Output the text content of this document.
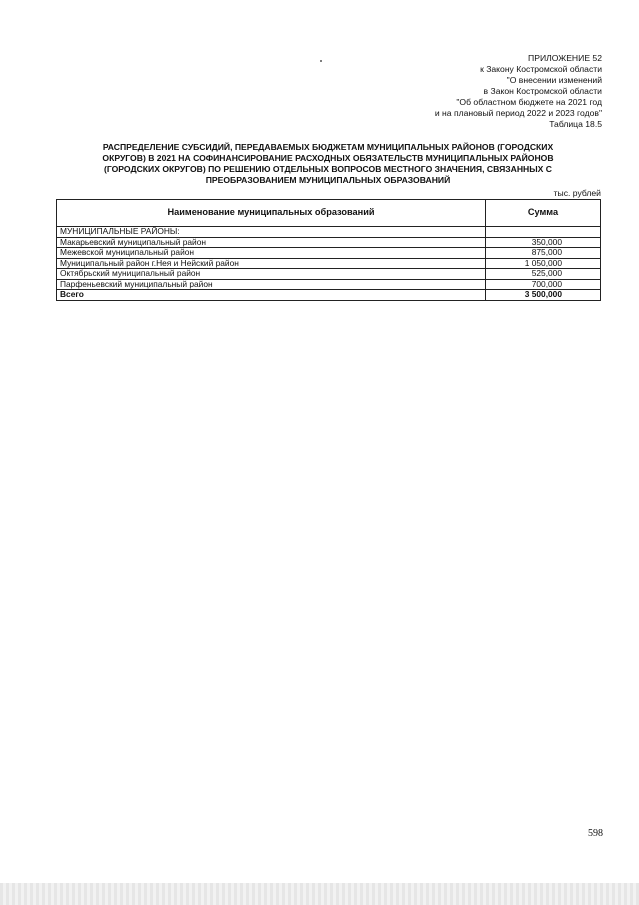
ПРИЛОЖЕНИЕ 52
к Закону Костромской области
"О внесении изменений
в Закон Костромской области
"Об областном бюджете на 2021 год
и на плановый период 2022 и 2023 годов"
Таблица 18.5
РАСПРЕДЕЛЕНИЕ СУБСИДИЙ, ПЕРЕДАВАЕМЫХ БЮДЖЕТАМ МУНИЦИПАЛЬНЫХ РАЙОНОВ (ГОРОДСКИХ
ОКРУГОВ) В 2021 НА СОФИНАНСИРОВАНИЕ РАСХОДНЫХ ОБЯЗАТЕЛЬСТВ МУНИЦИПАЛЬНЫХ РАЙОНОВ
(ГОРОДСКИХ ОКРУГОВ) ПО РЕШЕНИЮ ОТДЕЛЬНЫХ ВОПРОСОВ МЕСТНОГО ЗНАЧЕНИЯ, СВЯЗАННЫХ С
ПРЕОБРАЗОВАНИЕМ МУНИЦИПАЛЬНЫХ ОБРАЗОВАНИЙ
тыс. рублей
Наименование муниципальных образований	Сумма
МУНИЦИПАЛЬНЫЕ РАЙОНЫ:	
Макарьевский муниципальный район	350,000
Межевской муниципальный район	875,000
Муниципальный район г.Нея и Нейский район	1 050,000
Октябрьский муниципальный район	525,000
Парфеньевский муниципальный район	700,000
Всего	3 500,000
598
